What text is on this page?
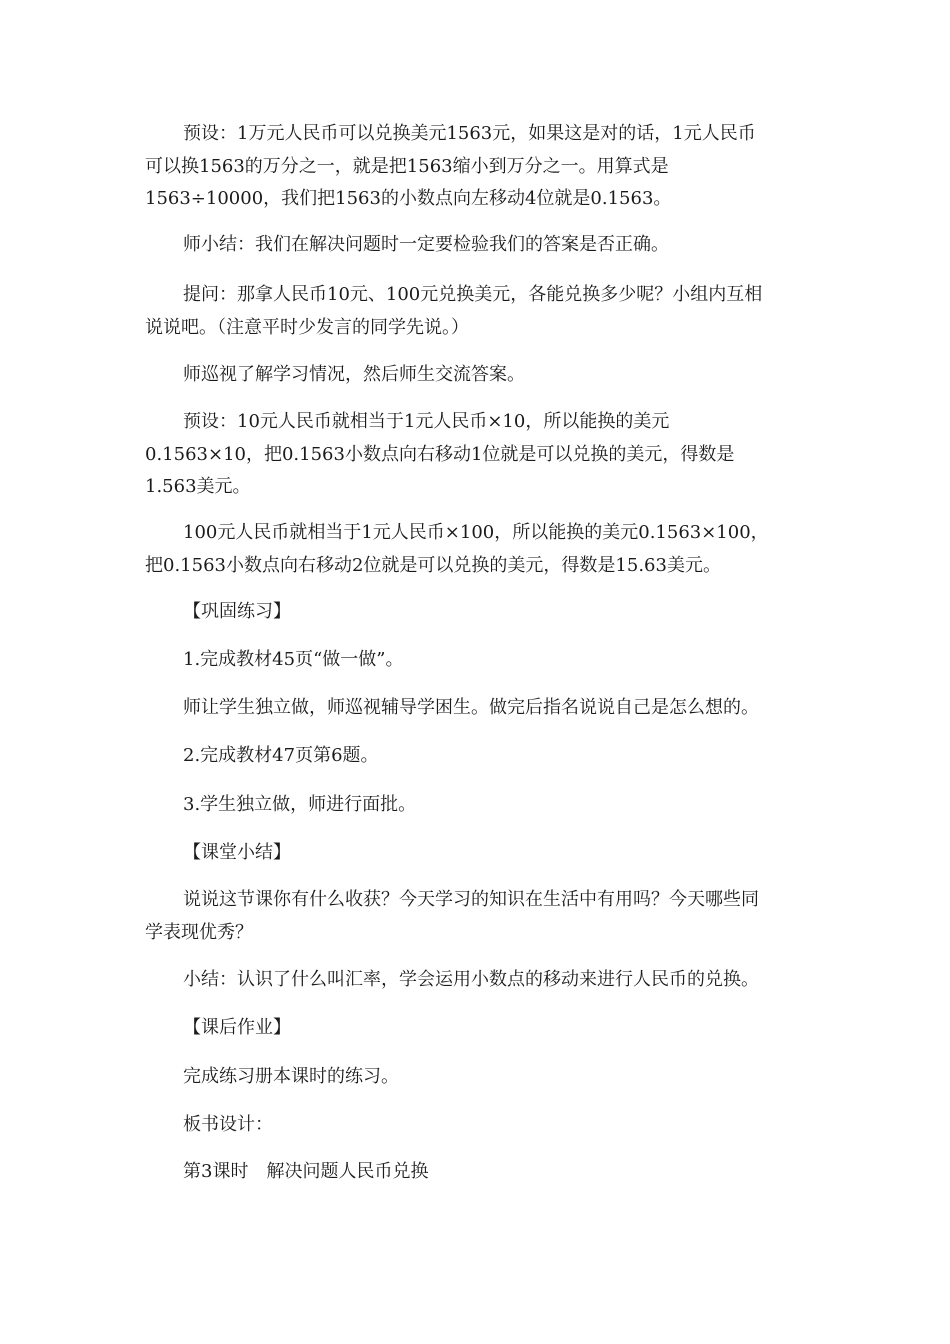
预设：1万元人民币可以兑换美元1563元，如果这是对的话，1元人民币
可以换1563的万分之一，就是把1563缩小到万分之一。用算式是
1563÷10000，我们把1563的小数点向左移动4位就是0.1563。
师小结：我们在解决问题时一定要检验我们的答案是否正确。
提问：那拿人民币10元、100元兑换美元，各能兑换多少呢？小组内互相
说说吧。（注意平时少发言的同学先说。）
师巡视了解学习情况，然后师生交流答案。
预设：10元人民币就相当于1元人民币×10，所以能换的美元
0.1563×10，把0.1563小数点向右移动1位就是可以兑换的美元，得数是
1.563美元。
100元人民币就相当于1元人民币×100，所以能换的美元0.1563×100，
把0.1563小数点向右移动2位就是可以兑换的美元，得数是15.63美元。
【巩固练习】
1.完成教材45页“做一做”。
师让学生独立做，师巡视辅导学困生。做完后指名说说自己是怎么想的。
2.完成教材47页第6题。
3.学生独立做，师进行面批。
【课堂小结】
说说这节课你有什么收获？今天学习的知识在生活中有用吗？今天哪些同
学表现优秀？
小结：认识了什么叫汇率，学会运用小数点的移动来进行人民币的兑换。
【课后作业】
完成练习册本课时的练习。
板书设计：
第3课时　解决问题人民币兑换
